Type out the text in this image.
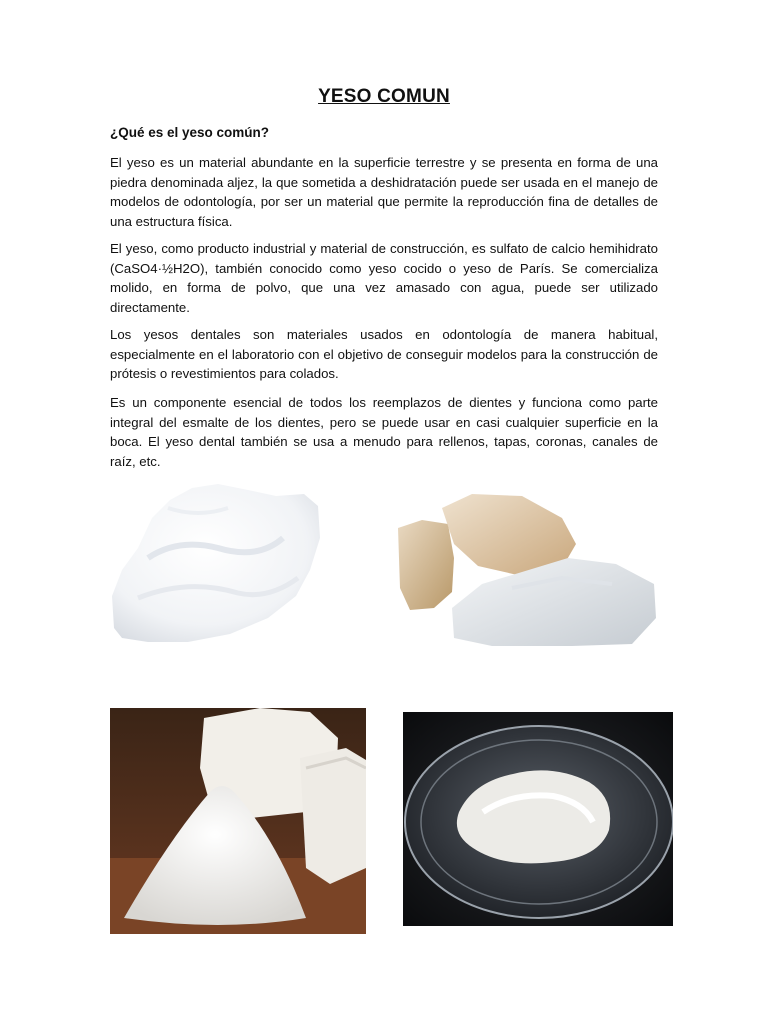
YESO COMUN
¿Qué es el yeso común?

El yeso es un material abundante en la superficie terrestre y se presenta en forma de una piedra denominada aljez, la que sometida a deshidratación puede ser usada en el manejo de modelos de odontología, por ser un material que permite la reproducción fina de detalles de una estructura física.

El yeso, como producto industrial y material de construcción, es sulfato de calcio hemihidrato (CaSO4·½H2O), también conocido como yeso cocido o yeso de París. Se comercializa molido, en forma de polvo, que una vez amasado con agua, puede ser utilizado directamente.

Los yesos dentales son materiales usados en odontología de manera habitual, especialmente en el laboratorio con el objetivo de conseguir modelos para la construcción de prótesis o revestimientos para colados.

Es un componente esencial de todos los reemplazos de dientes y funciona como parte integral del esmalte de los dientes, pero se puede usar en casi cualquier superficie en la boca. El yeso dental también se usa a menudo para rellenos, tapas, coronas, canales de raíz, etc.
